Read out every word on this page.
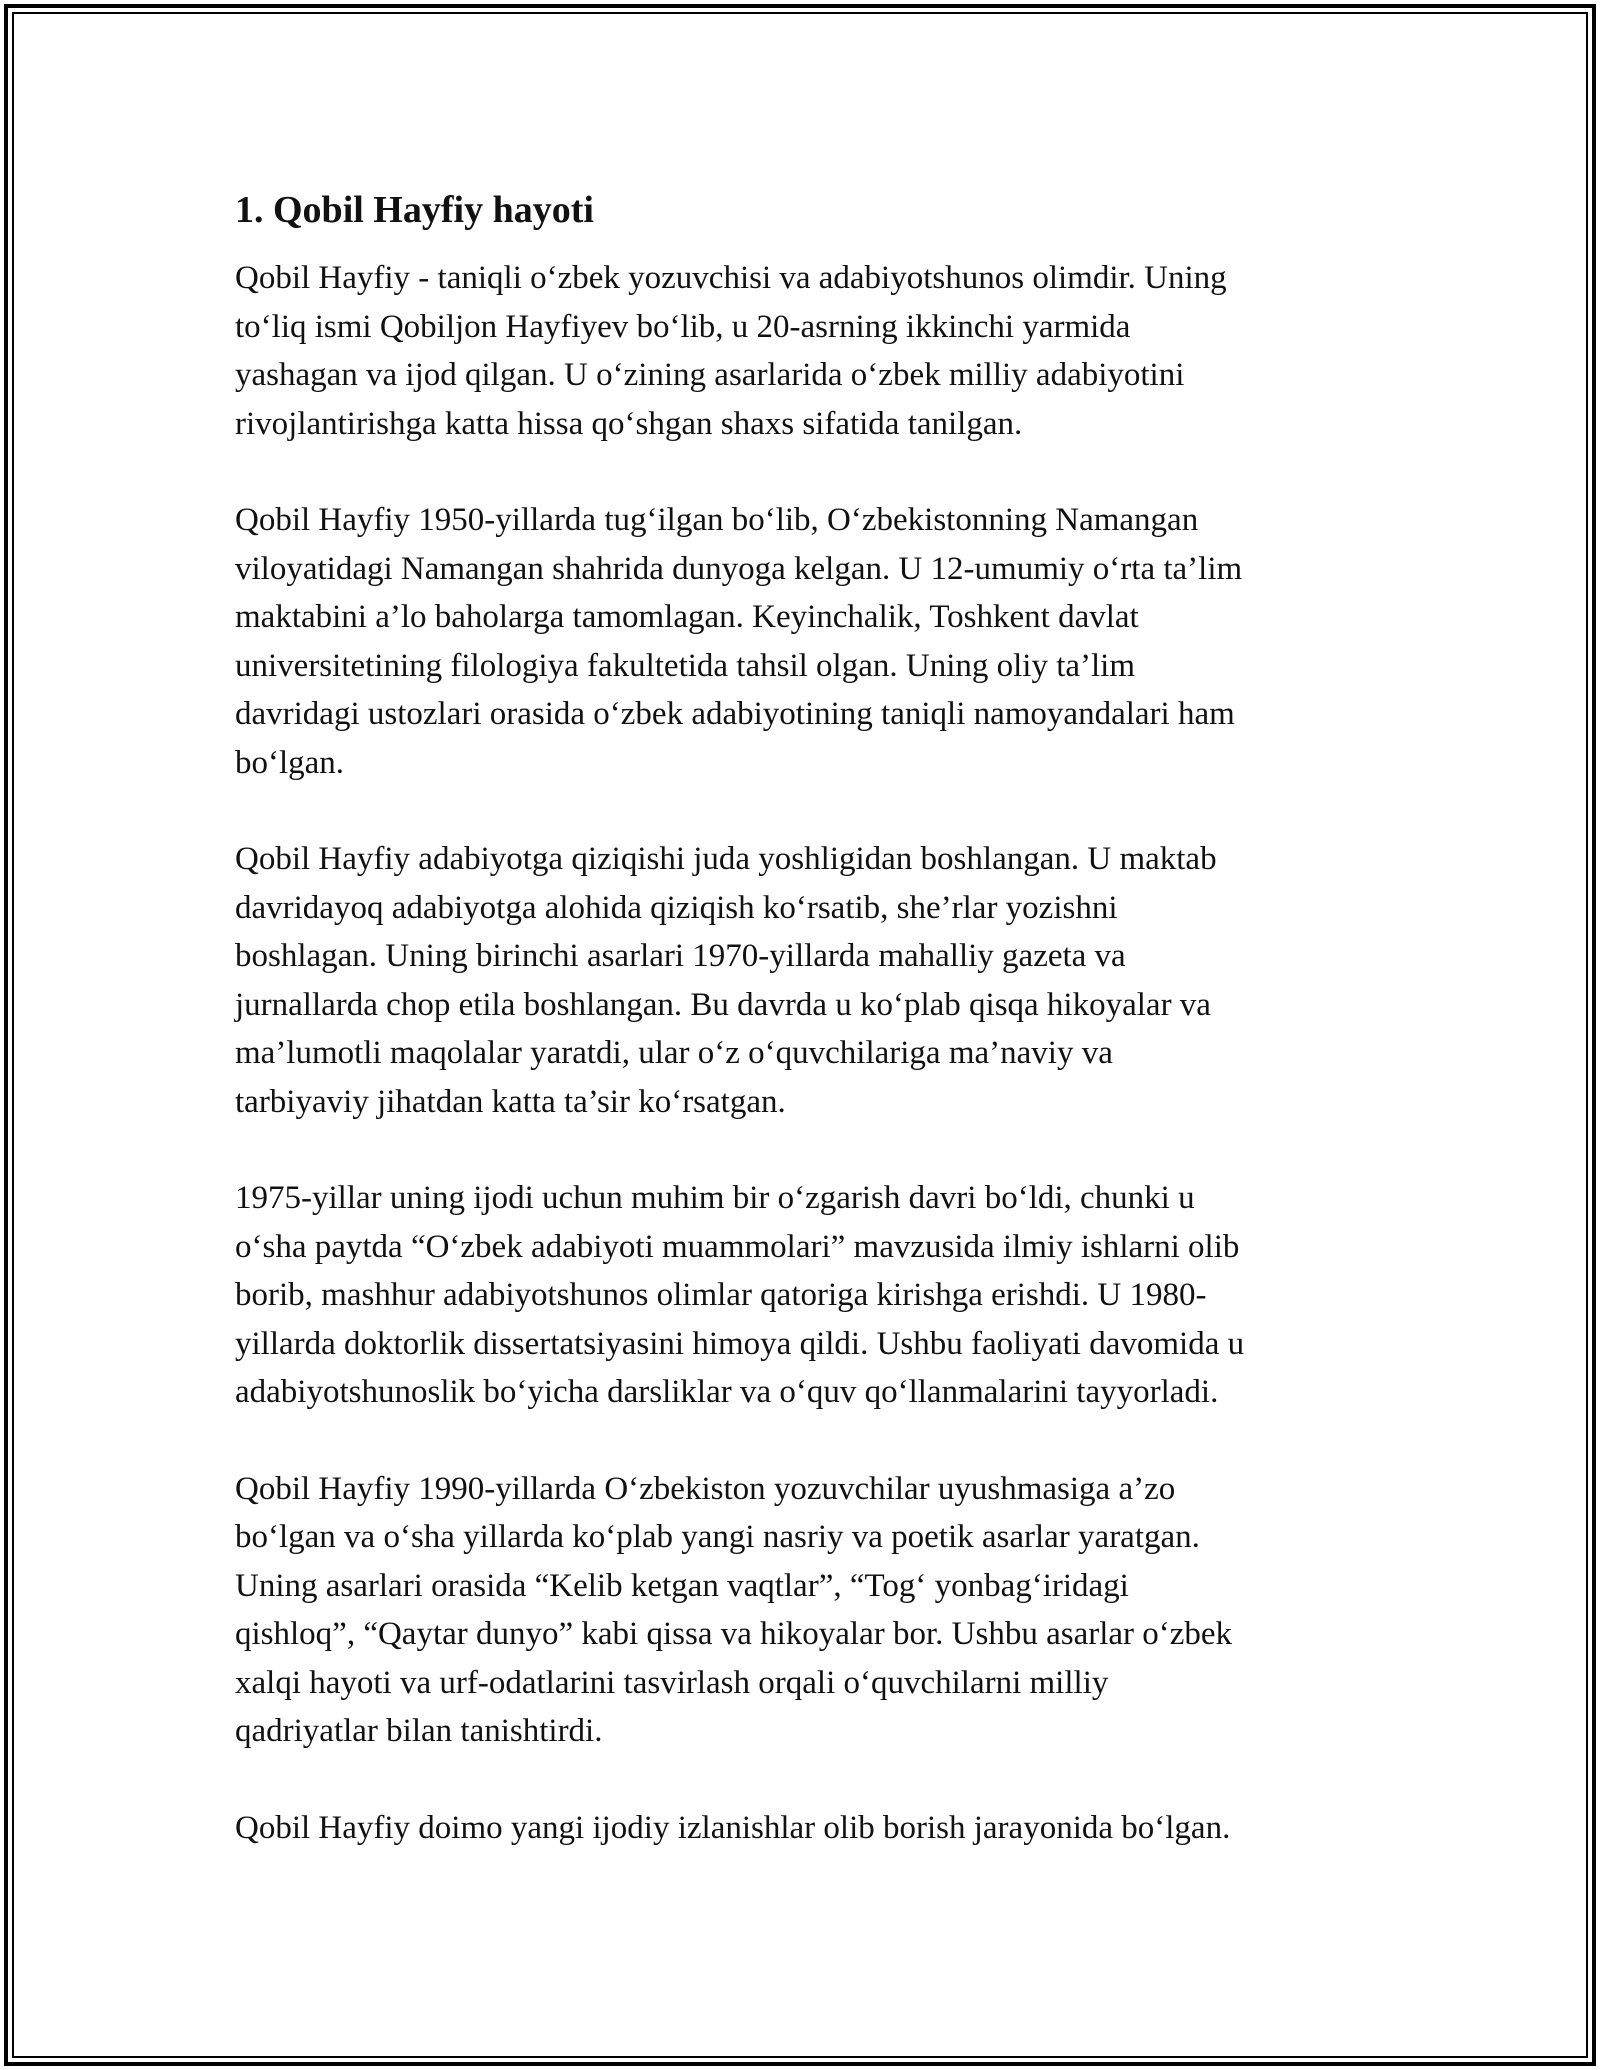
1. Qobil Hayfiy hayoti

Qobil Hayfiy - taniqli o‘zbek yozuvchisi va adabiyotshunos olimdir. Uning
to‘liq ismi Qobiljon Hayfiyev bo‘lib, u 20-asrning ikkinchi yarmida
yashagan va ijod qilgan. U o‘zining asarlarida o‘zbek milliy adabiyotini
rivojlantirishga katta hissa qo‘shgan shaxs sifatida tanilgan.

Qobil Hayfiy 1950-yillarda tug‘ilgan bo‘lib, O‘zbekistonning Namangan
viloyatidagi Namangan shahrida dunyoga kelgan. U 12-umumiy o‘rta ta’lim
maktabini a’lo baholarga tamomlagan. Keyinchalik, Toshkent davlat
universitetining filologiya fakultetida tahsil olgan. Uning oliy ta’lim
davridagi ustozlari orasida o‘zbek adabiyotining taniqli namoyandalari ham
bo‘lgan.

Qobil Hayfiy adabiyotga qiziqishi juda yoshligidan boshlangan. U maktab
davridayoq adabiyotga alohida qiziqish ko‘rsatib, she’rlar yozishni
boshlagan. Uning birinchi asarlari 1970-yillarda mahalliy gazeta va
jurnallarda chop etila boshlangan. Bu davrda u ko‘plab qisqa hikoyalar va
ma’lumotli maqolalar yaratdi, ular o‘z o‘quvchilariga ma’naviy va
tarbiyaviy jihatdan katta ta’sir ko‘rsatgan.

1975-yillar uning ijodi uchun muhim bir o‘zgarish davri bo‘ldi, chunki u
o‘sha paytda “O‘zbek adabiyoti muammolari” mavzusida ilmiy ishlarni olib
borib, mashhur adabiyotshunos olimlar qatoriga kirishga erishdi. U 1980-
yillarda doktorlik dissertatsiyasini himoya qildi. Ushbu faoliyati davomida u
adabiyotshunoslik bo‘yicha darsliklar va o‘quv qo‘llanmalarini tayyorladi.

Qobil Hayfiy 1990-yillarda O‘zbekiston yozuvchilar uyushmasiga a’zo
bo‘lgan va o‘sha yillarda ko‘plab yangi nasriy va poetik asarlar yaratgan.
Uning asarlari orasida “Kelib ketgan vaqtlar”, “Tog‘ yonbag‘iridagi
qishloq”, “Qaytar dunyo” kabi qissa va hikoyalar bor. Ushbu asarlar o‘zbek
xalqi hayoti va urf-odatlarini tasvirlash orqali o‘quvchilarni milliy
qadriyatlar bilan tanishtirdi.

Qobil Hayfiy doimo yangi ijodiy izlanishlar olib borish jarayonida bo‘lgan.
